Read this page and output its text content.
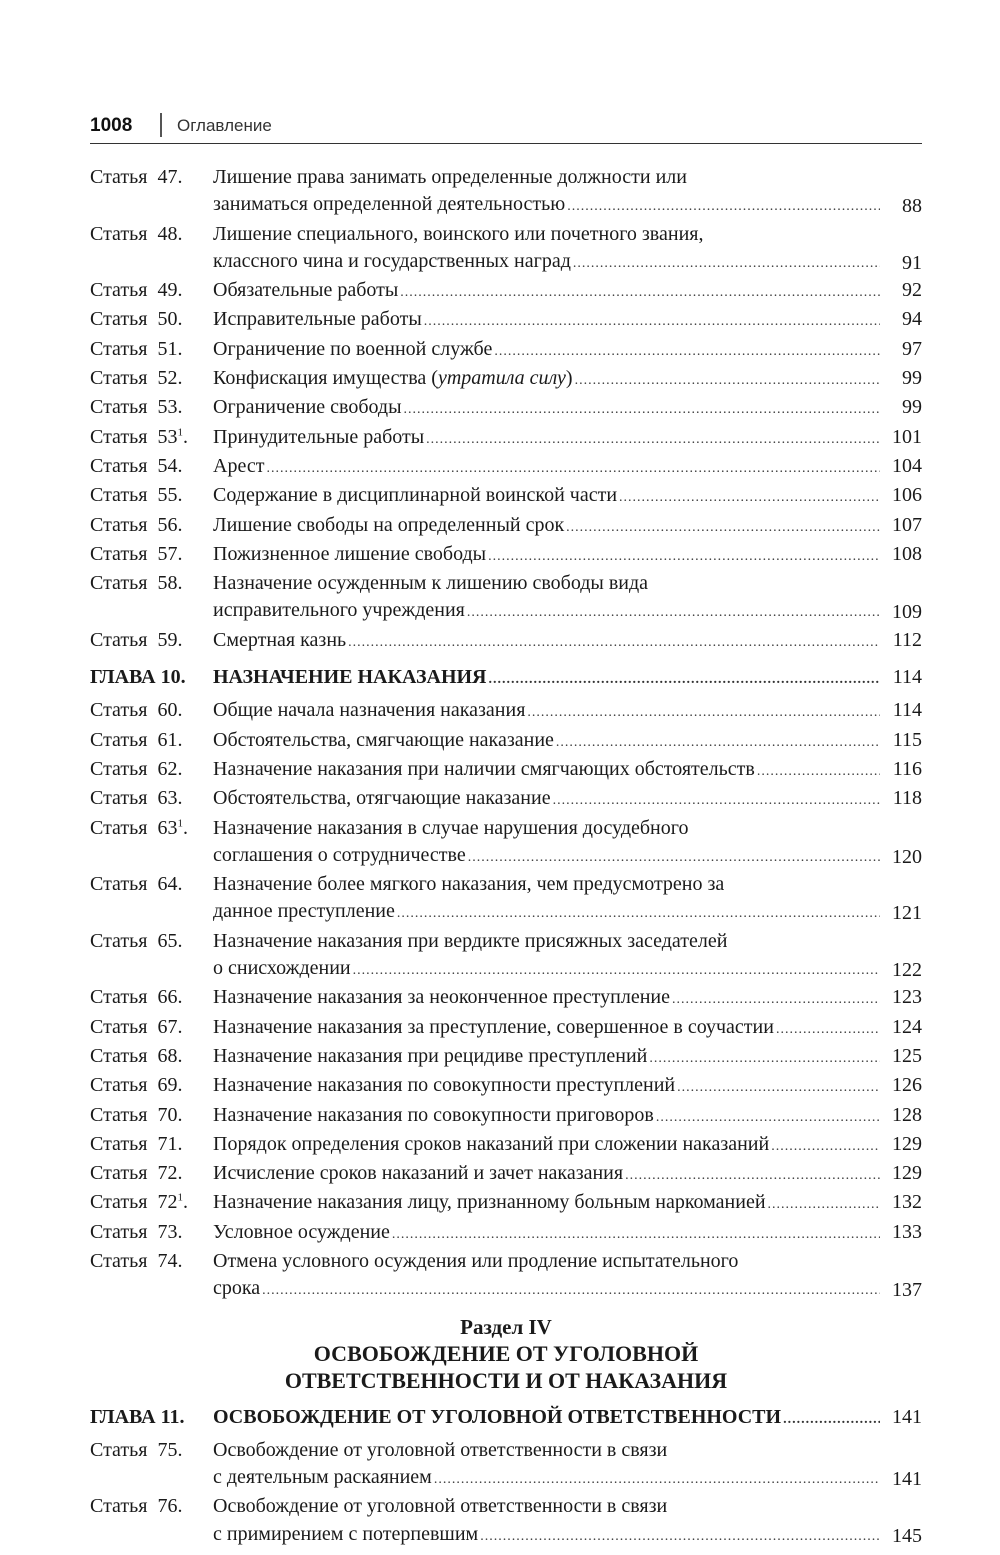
1008	Оглавление
Статья 47.	Лишение права занимать определенные должности или
заниматься определенной деятельностью .....	88
Статья 48.	Лишение специального, воинского или почетного звания,
классного чина и государственных наград .....	91
Статья 49.	Обязательные работы .....	92
Статья 50.	Исправительные работы .....	94
Статья 51.	Ограничение по военной службе .....	97
Статья 52.	Конфискация имущества (утратила силу) .....	99
Статья 53.	Ограничение свободы .....	99
Статья $53^1$.	Принудительные работы .....	101
Статья 54.	Арест .....	104
Статья 55.	Содержание в дисциплинарной воинской части .....	106
Статья 56.	Лишение свободы на определенный срок .....	107
Статья 57.	Пожизненное лишение свободы .....	108
Статья 58.	Назначение осужденным к лишению свободы вида
исправительного учреждения .....	109
Статья 59.	Смертная казнь .....	112
ГЛАВА 10.	НАЗНАЧЕНИЕ НАКАЗАНИЯ .....	114
Статья 60.	Общие начала назначения наказания .....	114
Статья 61.	Обстоятельства, смягчающие наказание .....	115
Статья 62.	Назначение наказания при наличии смягчающих обстоятельств .....	116
Статья 63.	Обстоятельства, отягчающие наказание .....	118
Статья $63^1$.	Назначение наказания в случае нарушения досудебного
соглашения о сотрудничестве .....	120
Статья 64.	Назначение более мягкого наказания, чем предусмотрено за
данное преступление .....	121
Статья 65.	Назначение наказания при вердикте присяжных заседателей
о снисхождении .....	122
Статья 66.	Назначение наказания за неоконченное преступление .....	123
Статья 67.	Назначение наказания за преступление, совершенное в соучастии .....	124
Статья 68.	Назначение наказания при рецидиве преступлений .....	125
Статья 69.	Назначение наказания по совокупности преступлений .....	126
Статья 70.	Назначение наказания по совокупности приговоров .....	128
Статья 71.	Порядок определения сроков наказаний при сложении наказаний .....	129
Статья 72.	Исчисление сроков наказаний и зачет наказания .....	129
Статья $72^1$.	Назначение наказания лицу, признанному больным наркоманией .....	132
Статья 73.	Условное осуждение .....	133
Статья 74.	Отмена условного осуждения или продление испытательного
срока .....	137
Раздел IV
ОСВОБОЖДЕНИЕ ОТ УГОЛОВНОЙ
ОТВЕТСТВЕННОСТИ И ОТ НАКАЗАНИЯ
ГЛАВА 11.	ОСВОБОЖДЕНИЕ ОТ УГОЛОВНОЙ ОТВЕТСТВЕННОСТИ .....	141
Статья 75.	Освобождение от уголовной ответственности в связи
с деятельным раскаянием .....	141
Статья 76.	Освобождение от уголовной ответственности в связи
с примирением с потерпевшим .....	145
